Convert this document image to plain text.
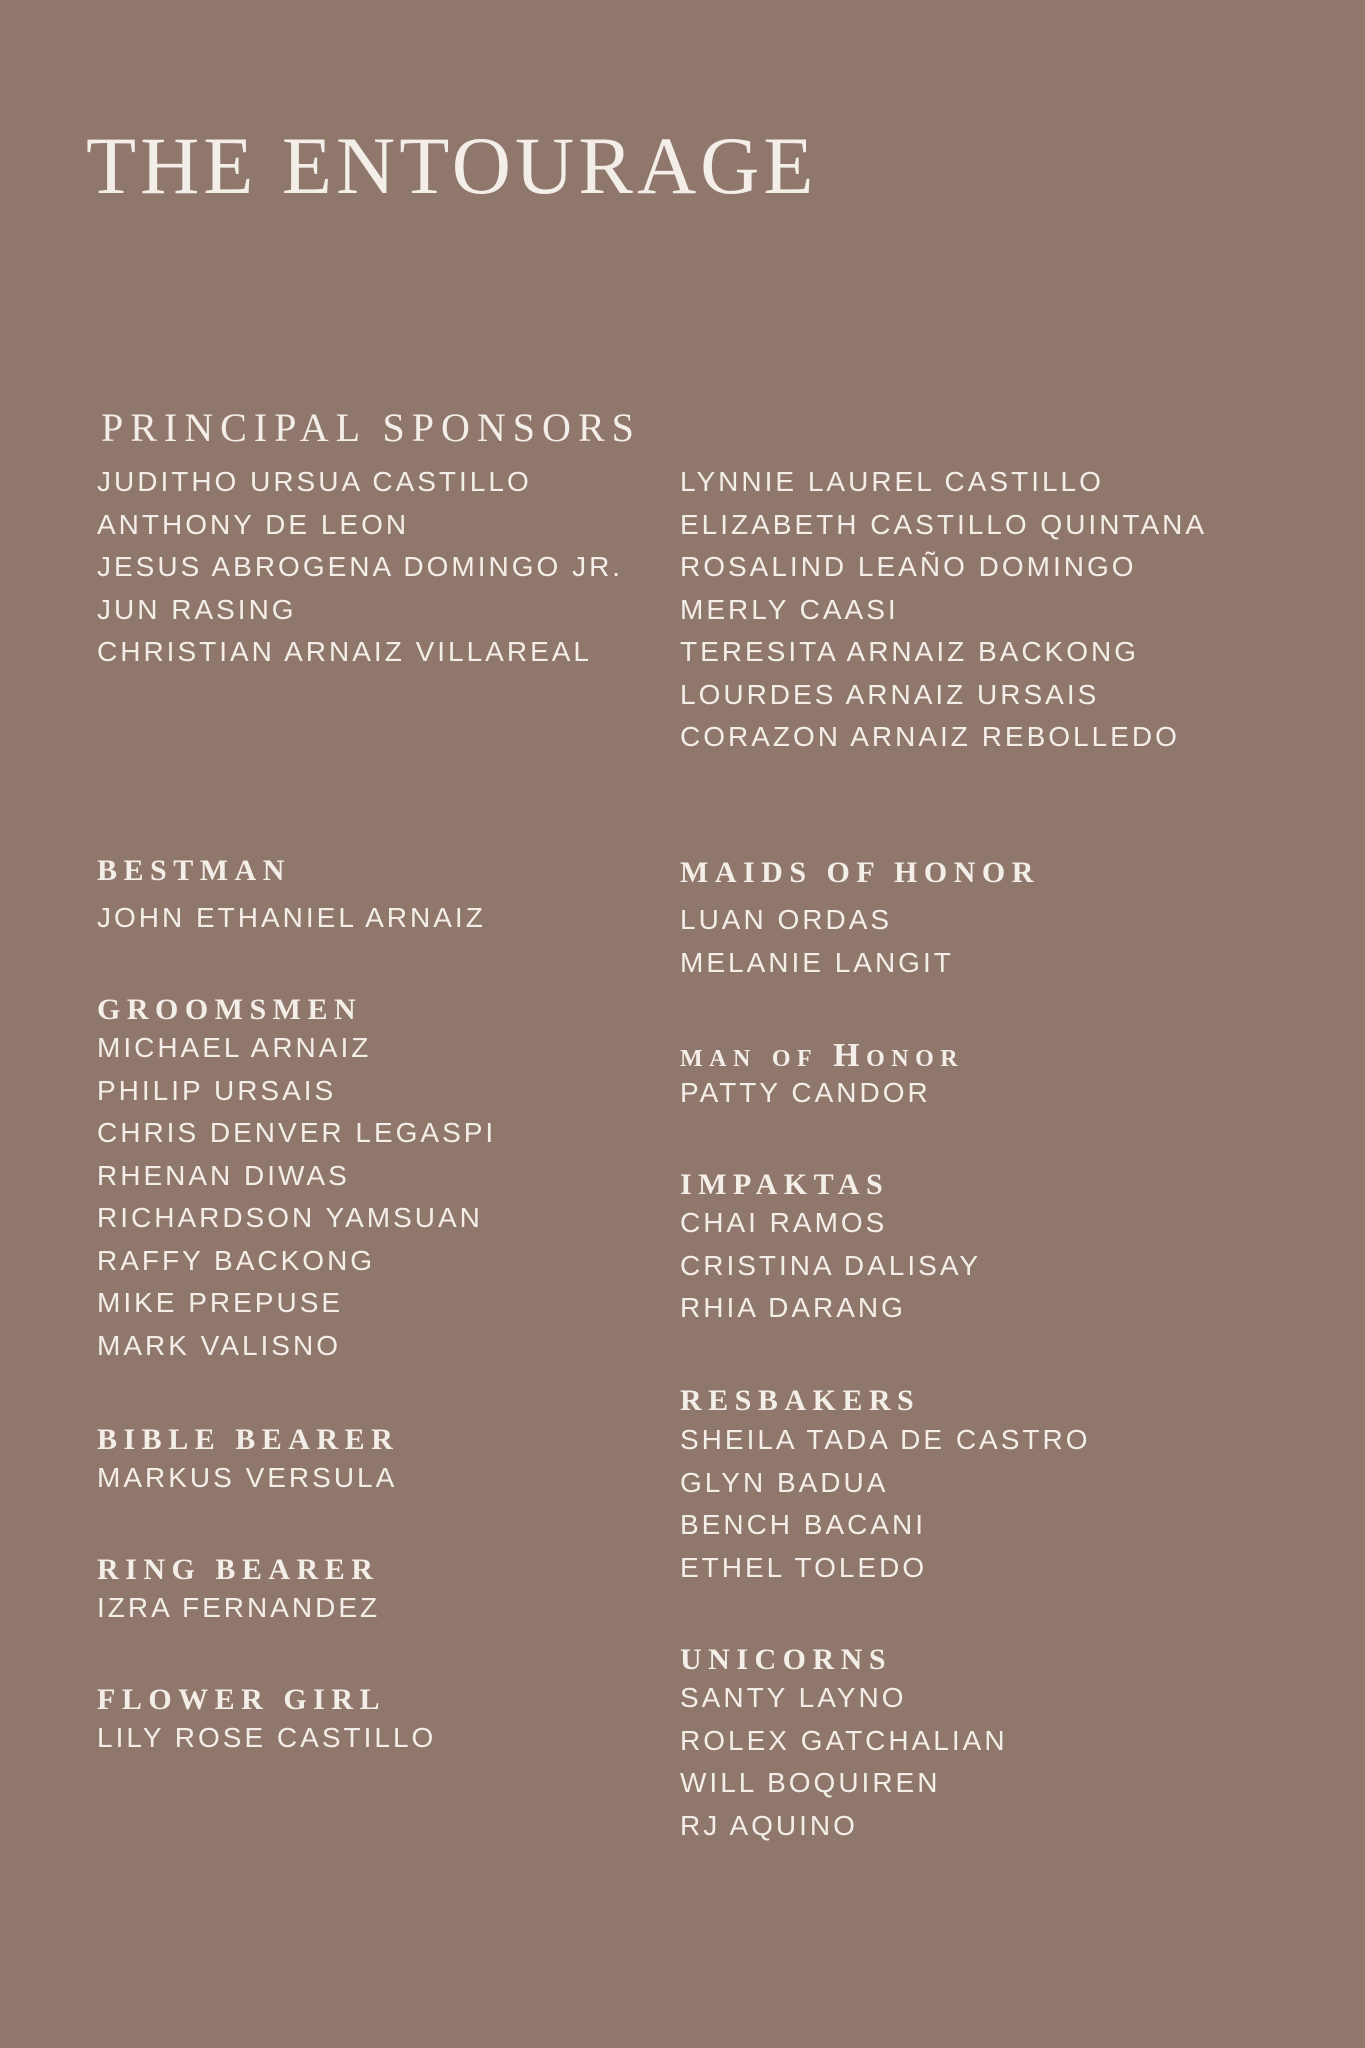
THE ENTOURAGE
PRINCIPAL SPONSORS
JUDITHO URSUA CASTILLO
ANTHONY DE LEON
JESUS ABROGENA DOMINGO JR.
JUN RASING
CHRISTIAN ARNAIZ VILLAREAL
LYNNIE LAUREL CASTILLO
ELIZABETH CASTILLO QUINTANA
ROSALIND LEAÑO DOMINGO
MERLY CAASI
TERESITA ARNAIZ BACKONG
LOURDES ARNAIZ URSAIS
CORAZON ARNAIZ REBOLLEDO
BESTMAN
JOHN ETHANIEL ARNAIZ
GROOMSMEN
MICHAEL ARNAIZ
PHILIP URSAIS
CHRIS DENVER LEGASPI
RHENAN DIWAS
RICHARDSON YAMSUAN
RAFFY BACKONG
MIKE PREPUSE
MARK VALISNO
BIBLE BEARER
MARKUS VERSULA
RING BEARER
IZRA FERNANDEZ
FLOWER GIRL
LILY ROSE CASTILLO
MAIDS OF HONOR
LUAN ORDAS
MELANIE LANGIT
man of Honor
PATTY CANDOR
IMPAKTAS
CHAI RAMOS
CRISTINA DALISAY
RHIA DARANG
RESBAKERS
SHEILA TADA DE CASTRO
GLYN BADUA
BENCH BACANI
ETHEL TOLEDO
UNICORNS
SANTY LAYNO
ROLEX GATCHALIAN
WILL BOQUIREN
RJ AQUINO
